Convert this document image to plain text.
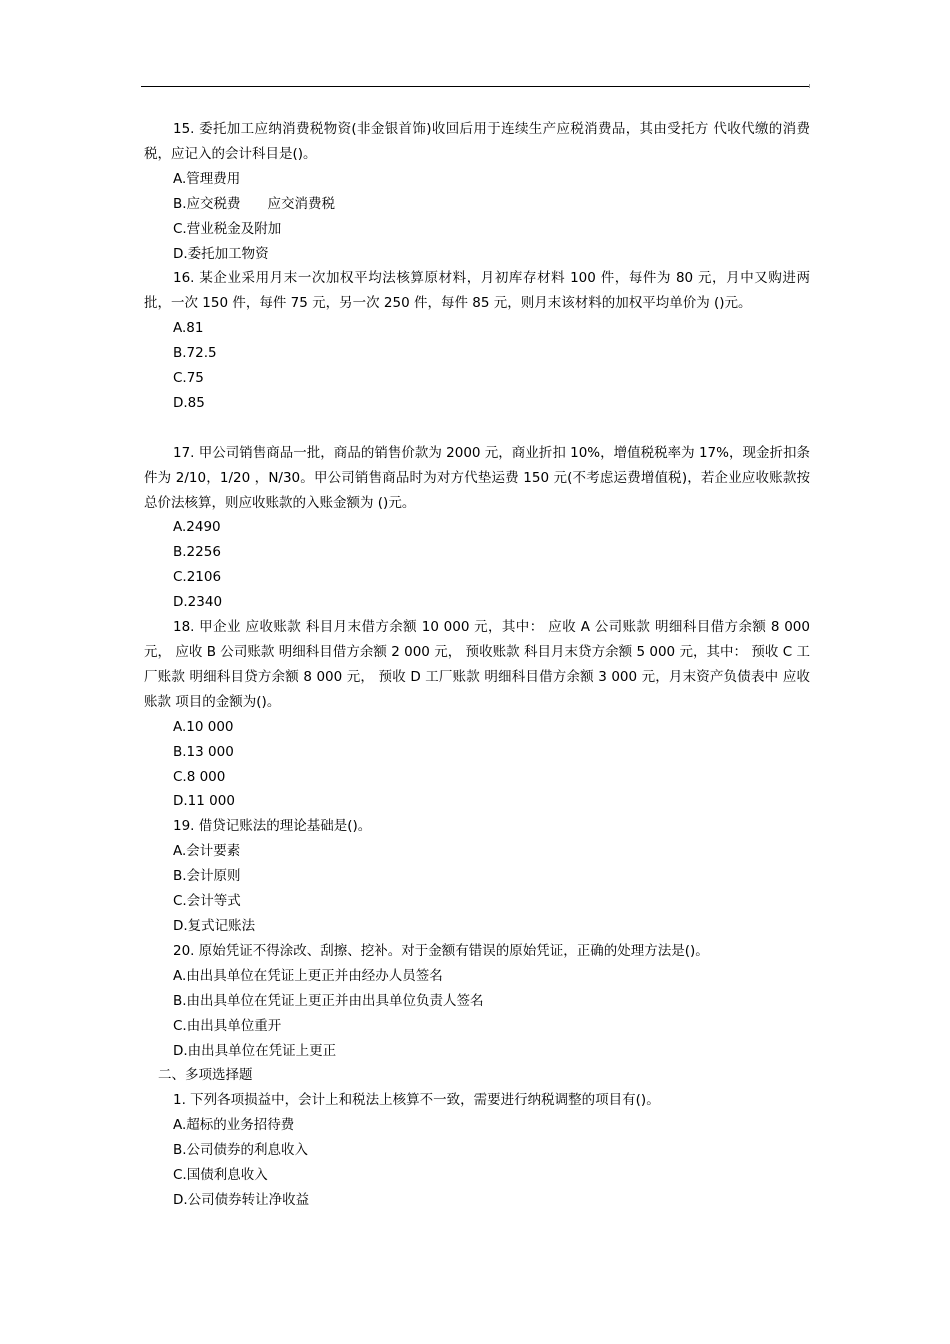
15. 委托加工应纳消费税物资(非金银首饰)收回后用于连续生产应税消费品，其由受托方 代收代缴的消费税，应记入的会计科目是()。

A.管理费用

B.应交税费　　应交消费税

C.营业税金及附加

D.委托加工物资

16. 某企业采用月末一次加权平均法核算原材料，月初库存材料 100 件，每件为 80 元，月中又购进两批，一次 150 件，每件 75 元，另一次 250 件，每件 85 元，则月末该材料的加权平均单价为 ()元。

A.81

B.72.5

C.75

D.85

17. 甲公司销售商品一批，商品的销售价款为 2000 元，商业折扣 10%，增值税税率为 17%，现金折扣条件为 2/10，1/20 ，N/30。甲公司销售商品时为对方代垫运费 150 元(不考虑运费增值税)，若企业应收账款按总价法核算，则应收账款的入账金额为 ()元。

A.2490

B.2256

C.2106

D.2340

18. 甲企业 应收账款 科目月末借方余额 10 000 元，其中： 应收 A 公司账款 明细科目借方余额 8 000 元， 应收 B 公司账款 明细科目借方余额 2 000 元， 预收账款 科目月末贷方余额 5 000 元，其中： 预收 C 工厂账款 明细科目贷方余额 8 000 元， 预收 D 工厂账款 明细科目借方余额 3 000 元，月末资产负债表中 应收账款 项目的金额为()。

A.10 000

B.13 000

C.8 000

D.11 000

19. 借贷记账法的理论基础是()。

A.会计要素

B.会计原则

C.会计等式

D.复式记账法

20. 原始凭证不得涂改、刮擦、挖补。对于金额有错误的原始凭证，正确的处理方法是()。

A.由出具单位在凭证上更正并由经办人员签名

B.由出具单位在凭证上更正并由出具单位负责人签名

C.由出具单位重开

D.由出具单位在凭证上更正

二、多项选择题

1. 下列各项损益中，会计上和税法上核算不一致，需要进行纳税调整的项目有()。

A.超标的业务招待费

B.公司债券的利息收入

C.国债利息收入

D.公司债券转让净收益
